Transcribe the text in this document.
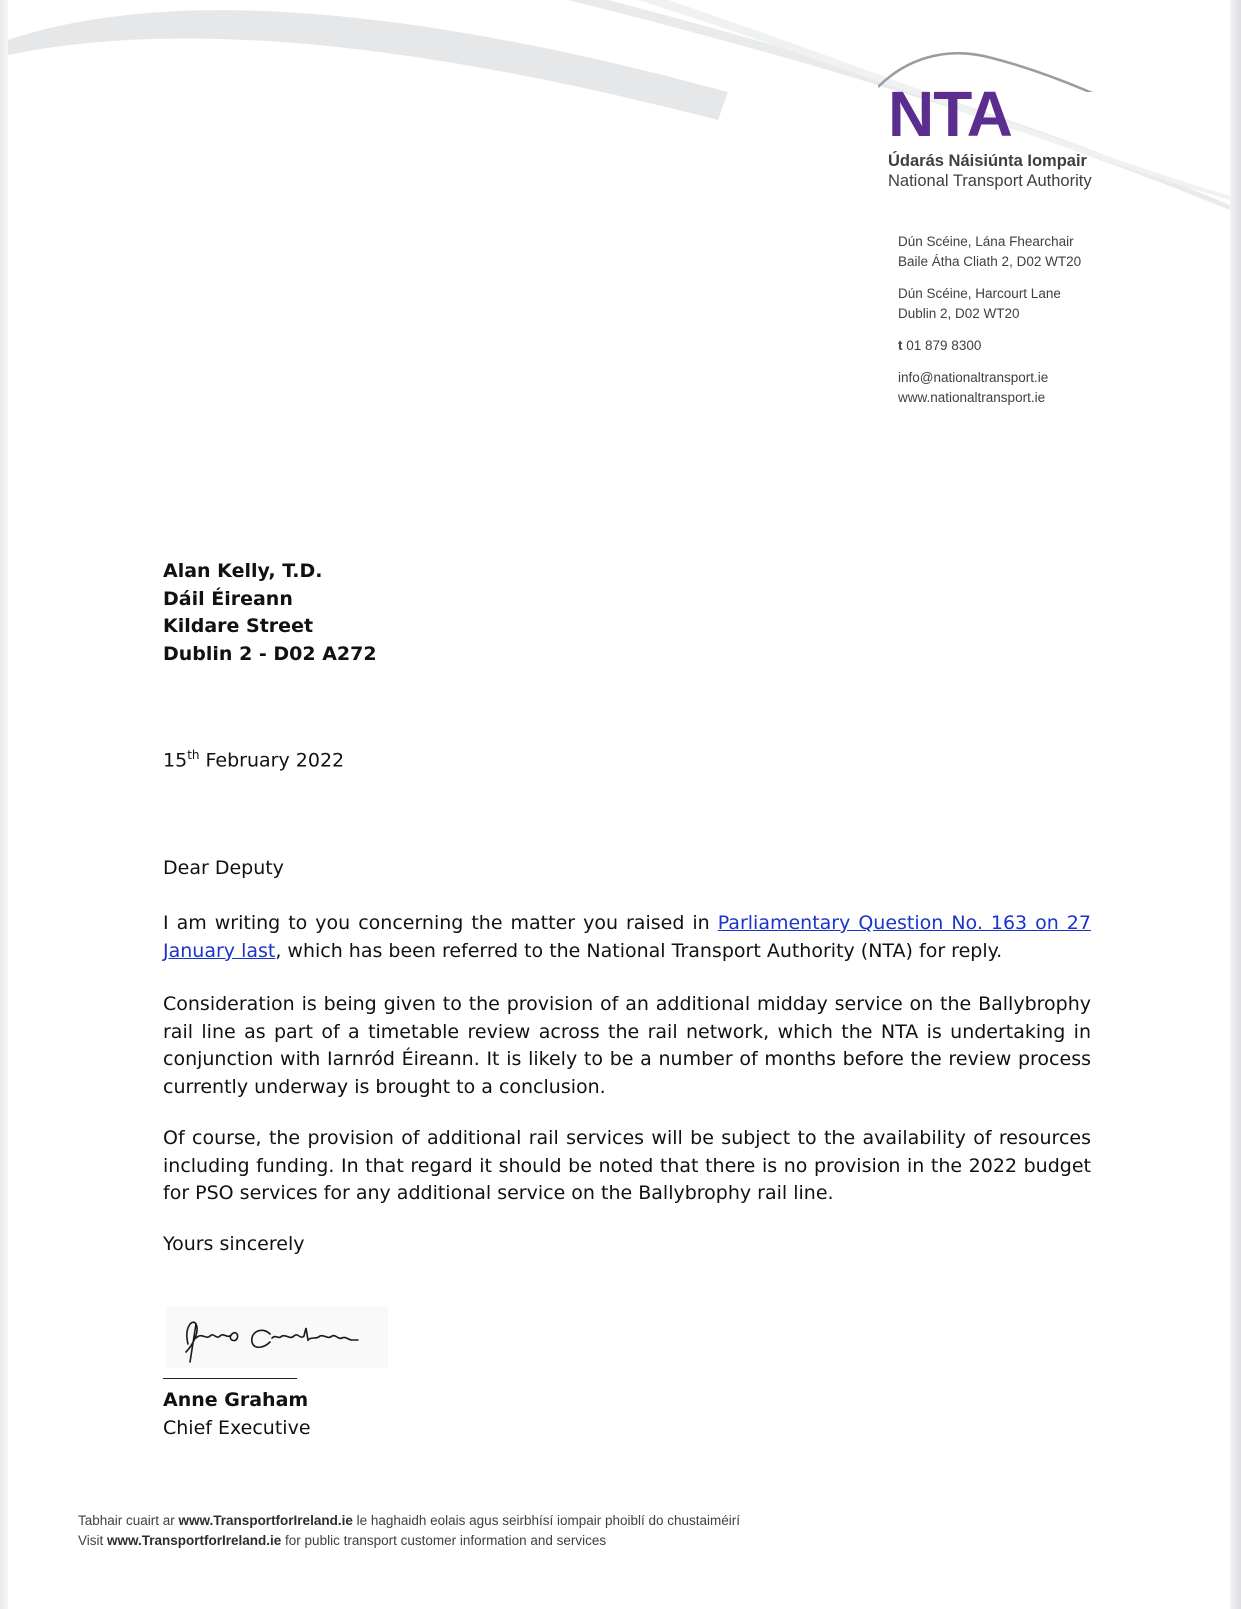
NTA
Údarás Náisiúnta Iompair
National Transport Authority
Dún Scéine, Lána Fhearchair
Baile Átha Cliath 2, D02 WT20
Dún Scéine, Harcourt Lane
Dublin 2, D02 WT20
t 01 879 8300
info@nationaltransport.ie
www.nationaltransport.ie
Alan Kelly, T.D.
Dáil Éireann
Kildare Street
Dublin 2 - D02 A272
15th February 2022
Dear Deputy
I am writing to you concerning the matter you raised in Parliamentary Question No. 163 on 27 January last, which has been referred to the National Transport Authority (NTA) for reply.
Consideration is being given to the provision of an additional midday service on the Ballybrophy rail line as part of a timetable review across the rail network, which the NTA is undertaking in conjunction with Iarnród Éireann. It is likely to be a number of months before the review process currently underway is brought to a conclusion.
Of course, the provision of additional rail services will be subject to the availability of resources including funding. In that regard it should be noted that there is no provision in the 2022 budget for PSO services for any additional service on the Ballybrophy rail line.
Yours sincerely
Anne Graham
Chief Executive
Tabhair cuairt ar www.TransportforIreland.ie le haghaidh eolais agus seirbhísí iompair phoiblí do chustaiméirí
Visit www.TransportforIreland.ie for public transport customer information and services
